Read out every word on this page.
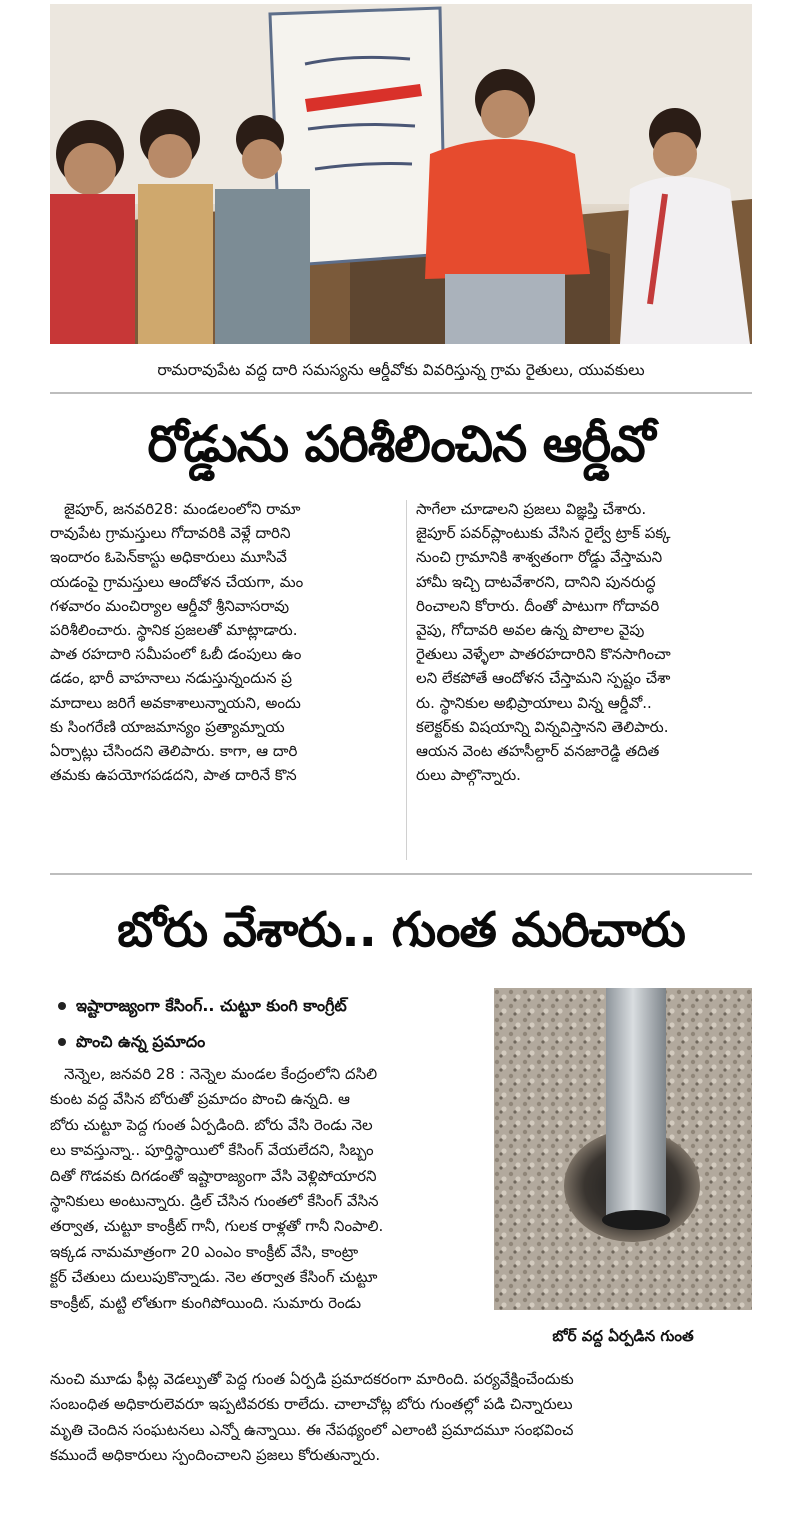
రామరావుపేట వద్ద దారి సమస్యను ఆర్డీవోకు వివరిస్తున్న గ్రామ రైతులు, యువకులు
రోడ్డును పరిశీలించిన ఆర్డీవో

జైపూర్, జనవరి28: మండలంలోని రామా

రావుపేట గ్రామస్తులు గోదావరికి వెళ్లే దారిని

ఇందారం ఓపెన్‌కాస్టు అధికారులు మూసివే

యడంపై గ్రామస్తులు ఆందోళన చేయగా, మం

గళవారం మంచిర్యాల ఆర్డీవో శ్రీనివాసరావు

పరిశీలించారు. స్థానిక ప్రజలతో మాట్లాడారు.

పాత రహదారి సమీపంలో ఓబీ డంపులు ఉం

డడం, భారీ వాహనాలు నడుస్తున్నందున ప్ర

మాదాలు జరిగే అవకాశాలున్నాయని, అందు

కు సింగరేణి యాజమాన్యం ప్రత్యామ్నాయ

ఏర్పాట్లు చేసిందని తెలిపారు. కాగా, ఆ దారి

తమకు ఉపయోగపడదని, పాత దారినే కొన

సాగేలా చూడాలని ప్రజలు విజ్ఞప్తి చేశారు.

జైపూర్ పవర్‌ప్లాంటుకు వేసిన రైల్వే ట్రాక్ పక్క

నుంచి గ్రామానికి శాశ్వతంగా రోడ్డు వేస్తామని

హామీ ఇచ్చి దాటవేశారని, దానిని పునరుద్ధ

రించాలని కోరారు. దీంతో పాటుగా గోదావరి

వైపు, గోదావరి అవల ఉన్న పొలాల వైపు

రైతులు వెళ్ళేలా పాతరహదారిని కొనసాగించా

లని లేకపోతే ఆందోళన చేస్తామని స్పష్టం చేశా

రు. స్థానికుల అభిప్రాయాలు విన్న ఆర్డీవో..

కలెక్టర్‌కు విషయాన్ని విన్నవిస్తానని తెలిపారు.

ఆయన వెంట తహసీల్దార్ వనజారెడ్డి తదిత

రులు పాల్గొన్నారు.

బోరు వేశారు.. గుంత మరిచారు
ఇష్టారాజ్యంగా కేసింగ్.. చుట్టూ కుంగి కాంగ్రీట్
పొంచి ఉన్న ప్రమాదం

నెన్నెల, జనవరి 28 : నెన్నెల మండల కేంద్రంలోని దసిలి

కుంట వద్ద వేసిన బోరుతో ప్రమాదం పొంచి ఉన్నది. ఆ

బోరు చుట్టూ పెద్ద గుంత ఏర్పడింది. బోరు వేసి రెండు నెల

లు కావస్తున్నా.. పూర్తిస్థాయిలో కేసింగ్ వేయలేదని, సిబ్బం

దితో గొడవకు దిగడంతో ఇష్టారాజ్యంగా వేసి వెళ్లిపోయారని

స్థానికులు అంటున్నారు. డ్రిల్ చేసిన గుంతలో కేసింగ్ వేసిన

తర్వాత, చుట్టూ కాంక్రీట్ గానీ, గులక రాళ్లతో గానీ నింపాలి.

ఇక్కడ నామమాత్రంగా 20 ఎంఎం కాంక్రీట్ వేసి, కాంట్రా

క్టర్ చేతులు దులుపుకొన్నాడు. నెల తర్వాత కేసింగ్ చుట్టూ

కాంక్రీట్, మట్టి లోతుగా కుంగిపోయింది. సుమారు రెండు

నుంచి మూడు ఫీట్ల వెడల్పుతో పెద్ద గుంత ఏర్పడి ప్రమాదకరంగా మారింది. పర్యవేక్షించేందుకు

సంబంధిత అధికారులెవరూ ఇప్పటివరకు రాలేదు. చాలాచోట్ల బోరు గుంతల్లో పడి చిన్నారులు

మృతి చెందిన సంఘటనలు ఎన్నో ఉన్నాయి. ఈ నేపథ్యంలో ఎలాంటి ప్రమాదమూ సంభవించ

కముందే అధికారులు స్పందించాలని ప్రజలు కోరుతున్నారు.

బోర్ వద్ద ఏర్పడిన గుంత
